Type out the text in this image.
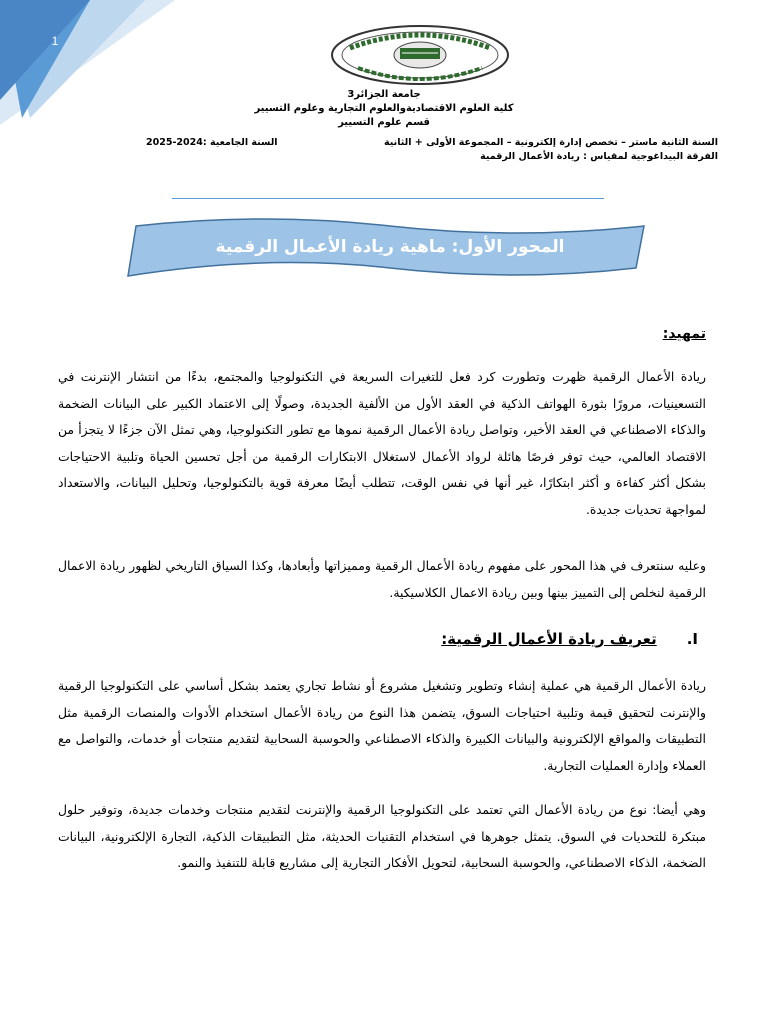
1
جامعة الجزائر3
كلية العلوم الاقتصاديةوالعلوم التجارية وعلوم التسيير
قسم علوم التسيير
السنة الثانية ماستر – تخصص إدارة إلكترونية – المجموعة الأولى + الثانية
السنة الجامعية :2024-2025
الفرقة البيداغوجية لمقياس : ريادة الأعمال الرقمية
المحور الأول: ماهية ريادة الأعمال الرقمية
تمهيد:
ريادة الأعمال الرقمية ظهرت وتطورت كرد فعل للتغيرات السريعة في التكنولوجيا والمجتمع، بدءًا من انتشار الإنترنت في التسعينيات، مرورًا بثورة الهواتف الذكية في العقد الأول من الألفية الجديدة، وصولًا إلى الاعتماد الكبير على البيانات الضخمة والذكاء الاصطناعي في العقد الأخير، وتواصل ريادة الأعمال الرقمية نموها مع تطور التكنولوجيا، وهي تمثل الآن جزءًا لا يتجزأ من الاقتصاد العالمي، حيث توفر فرصًا هائلة لرواد الأعمال لاستغلال الابتكارات الرقمية من أجل تحسين الحياة وتلبية الاحتياجات بشكل أكثر كفاءة و أكثر ابتكارًا، غير أنها في نفس الوقت، تتطلب أيضًا معرفة قوية بالتكنولوجيا، وتحليل البيانات، والاستعداد لمواجهة تحديات جديدة.
وعليه سنتعرف في هذا المحور على مفهوم ريادة الأعمال الرقمية ومميزاتها وأبعادها، وكذا السياق التاريخي لظهور ريادة الاعمال الرقمية لنخلص إلى التمييز بينها وبين ريادة الاعمال الكلاسيكية.
I.تعريف ريادة الأعمال الرقمية:
ريادة الأعمال الرقمية هي عملية إنشاء وتطوير وتشغيل مشروع أو نشاط تجاري يعتمد بشكل أساسي على التكنولوجيا الرقمية والإنترنت لتحقيق قيمة وتلبية احتياجات السوق، يتضمن هذا النوع من ريادة الأعمال استخدام الأدوات والمنصات الرقمية مثل التطبيقات والمواقع الإلكترونية والبيانات الكبيرة والذكاء الاصطناعي والحوسبة السحابية لتقديم منتجات أو خدمات، والتواصل مع العملاء وإدارة العمليات التجارية.
وهي أيضا: نوع من ريادة الأعمال التي تعتمد على التكنولوجيا الرقمية والإنترنت لتقديم منتجات وخدمات جديدة، وتوفير حلول مبتكرة للتحديات في السوق. يتمثل جوهرها في استخدام التقنيات الحديثة، مثل التطبيقات الذكية، التجارة الإلكترونية، البيانات الضخمة، الذكاء الاصطناعي، والحوسبة السحابية، لتحويل الأفكار التجارية إلى مشاريع قابلة للتنفيذ والنمو.
